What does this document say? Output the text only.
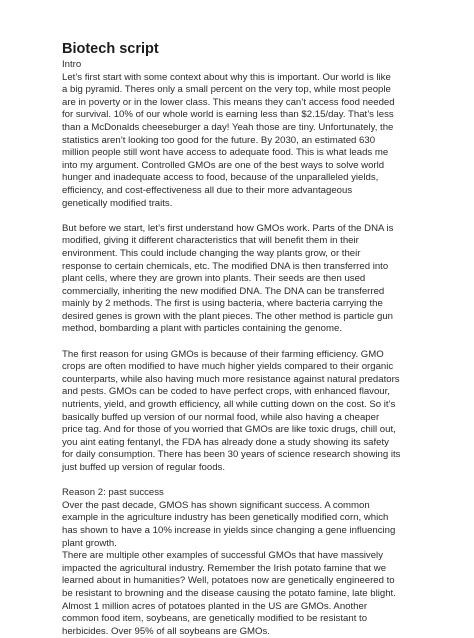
Biotech script

Intro
Let’s first start with some context about why this is important. Our world is like
a big pyramid. Theres only a small percent on the very top, while most people
are in poverty or in the lower class. This means they can’t access food needed
for survival. 10% of our whole world is earning less than $2.15/day. That’s less
than a McDonalds cheeseburger a day! Yeah those are tiny. Unfortunately, the
statistics aren’t looking too good for the future. By 2030, an estimated 630
million people still wont have access to adequate food. This is what leads me
into my argument. Controlled GMOs are one of the best ways to solve world
hunger and inadequate access to food, because of the unparalleled yields,
efficiency, and cost-effectiveness all due to their more advantageous
genetically modified traits.

But before we start, let’s first understand how GMOs work. Parts of the DNA is
modified, giving it different characteristics that will benefit them in their
environment. This could include changing the way plants grow, or their
response to certain chemicals, etc. The modified DNA is then transferred into
plant cells, where they are grown into plants. Their seeds are then used
commercially, inheriting the new modified DNA. The DNA can be transferred
mainly by 2 methods. The first is using bacteria, where bacteria carrying the
desired genes is grown with the plant pieces. The other method is particle gun
method, bombarding a plant with particles containing the genome.

The first reason for using GMOs is because of their farming efficiency. GMO
crops are often modified to have much higher yields compared to their organic
counterparts, while also having much more resistance against natural predators
and pests. GMOs can be coded to have perfect crops, with enhanced flavour,
nutrients, yield, and growth efficiency, all while cutting down on the cost. So it’s
basically buffed up version of our normal food, while also having a cheaper
price tag. And for those of you worried that GMOs are like toxic drugs, chill out,
you aint eating fentanyl, the FDA has already done a study showing its safety
for daily consumption. There has been 30 years of science research showing its
just buffed up version of regular foods.

Reason 2: past success
Over the past decade, GMOS has shown significant success. A common
example in the agriculture industry has been genetically modified corn, which
has shown to have a 10% increase in yields since changing a gene influencing
plant growth.
There are multiple other examples of successful GMOs that have massively
impacted the agricultural industry. Remember the Irish potato famine that we
learned about in humanities? Well, potatoes now are genetically engineered to
be resistant to browning and the disease causing the potato famine, late blight.
Almost 1 million acres of potatoes planted in the US are GMOs. Another
common food item, soybeans, are genetically modified to be resistant to
herbicides. Over 95% of all soybeans are GMOs.
